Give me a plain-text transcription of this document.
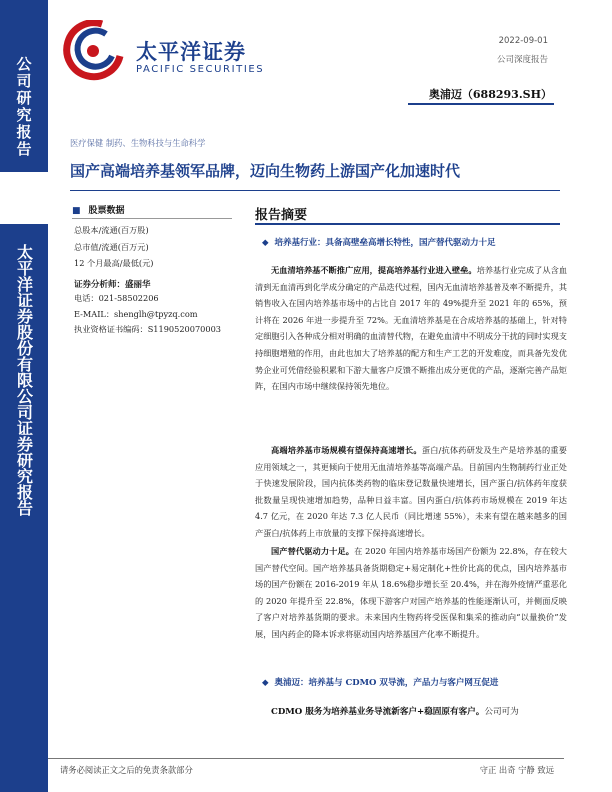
公司研究报告
太平洋证券股份有限公司证券研究报告
太平洋证券
PACIFIC SECURITIES
2022-09-01
公司深度报告
奥浦迈（688293.SH）
医疗保健 制药、生物科技与生命科学
国产高端培养基领军品牌，迈向生物药上游国产化加速时代
■ 股票数据
总股本/流通(百万股)
总市值/流通(百万元)
12 个月最高/最低(元)
证券分析师：盛丽华
电话：021-58502206
E-MAIL：shenglh@tpyzq.com
执业资格证书编码：S1190520070003
报告摘要
◆ 培养基行业：具备高壁垒高增长特性，国产替代驱动力十足

无血清培养基不断推广应用，提高培养基行业进入壁垒。培养基行业完成了从含血清到无血清再到化学成分确定的产品迭代过程，国内无血清培养基普及率不断提升，其销售收入在国内培养基市场中的占比自 2017 年的 49%提升至 2021 年的 65%，预计将在 2026 年进一步提升至 72%。无血清培养基是在合成培养基的基础上，针对特定细胞引入各种成分相对明确的血清替代物，在避免血清中不明成分干扰的同时实现支持细胞增殖的作用，由此也加大了培养基的配方和生产工艺的开发难度，而具备先发优势企业可凭借经验积累和下游大量客户反馈不断推出成分更优的产品，逐渐完善产品矩阵，在国内市场中继续保持领先地位。

高端培养基市场规模有望保持高速增长。蛋白/抗体药研发及生产是培养基的重要应用领域之一，其更倾向于使用无血清培养基等高端产品。目前国内生物制药行业正处于快速发展阶段，国内抗体类药物的临床登记数量快速增长，国产蛋白/抗体药年度获批数量呈现快速增加趋势，品种日益丰富。国内蛋白/抗体药市场规模在 2019 年达 4.7 亿元，在 2020 年达 7.3 亿人民币（同比增速 55%），未来有望在越来越多的国产蛋白/抗体药上市放量的支撑下保持高速增长。

国产替代驱动力十足。在 2020 年国内培养基市场国产份额为 22.8%，存在较大国产替代空间。国产培养基具备货期稳定+易定制化+性价比高的优点，国内培养基市场的国产份额在 2016-2019 年从 18.6%稳步增长至 20.4%，并在海外疫情严重恶化的 2020 年提升至 22.8%，体现下游客户对国产培养基的性能逐渐认可，并侧面反映了客户对培养基货期的要求。未来国内生物药将受医保和集采的推动向“以量换价”发展，国内药企的降本诉求将驱动国内培养基国产化率不断提升。

◆ 奥浦迈：培养基与 CDMO 双导流，产品力与客户网互促进

CDMO 服务为培养基业务导流新客户+稳固原有客户。公司可为

请务必阅读正文之后的免责条款部分	守正 出奇 宁静 致远
